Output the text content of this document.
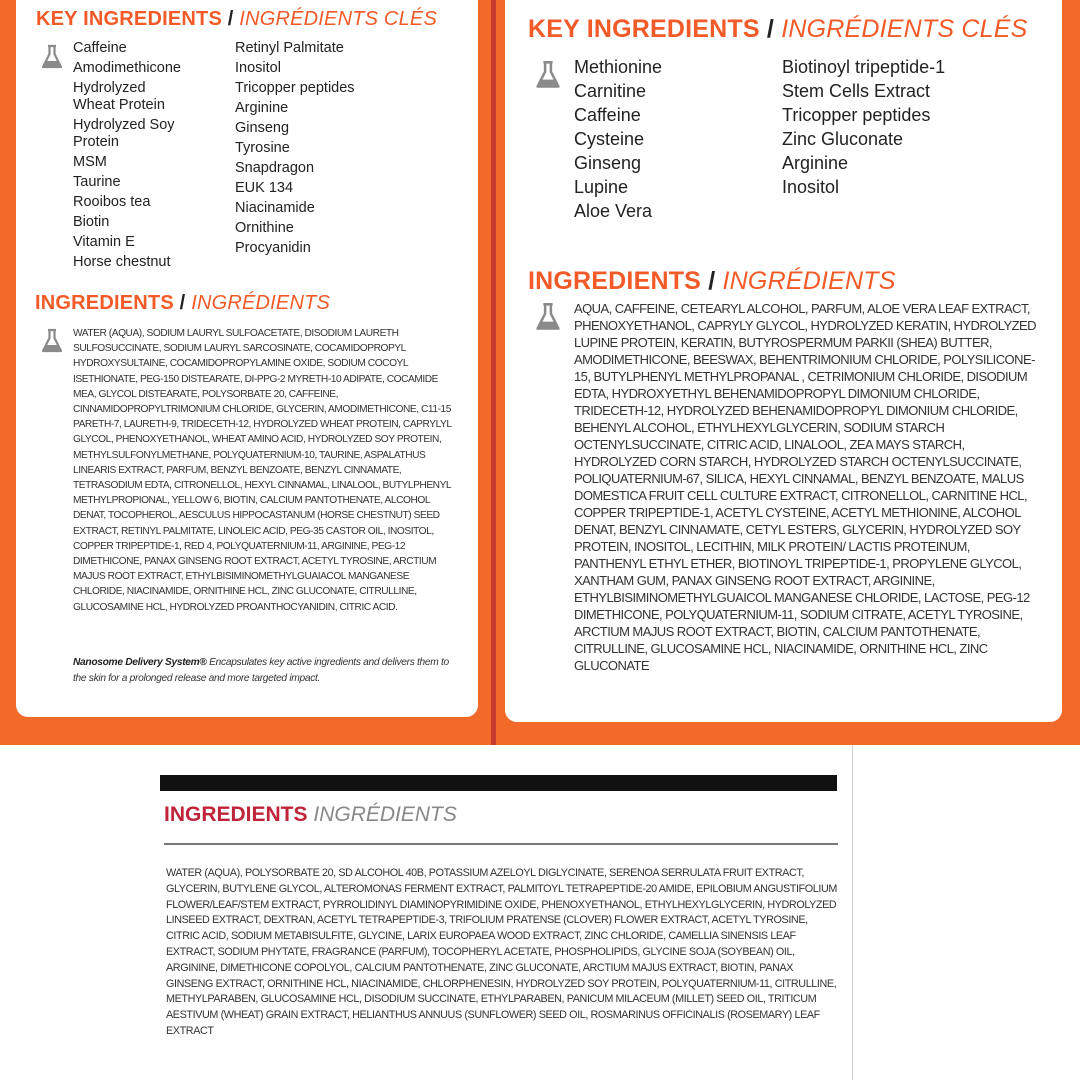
KEY INGREDIENTS / INGRÉDIENTS CLÉS
Caffeine
Amodimethicone
Hydrolyzed
Wheat Protein
Hydrolyzed Soy
Protein
MSM
Taurine
Rooibos tea
Biotin
Vitamin E
Horse chestnut
Retinyl Palmitate
Inositol
Tricopper peptides
Arginine
Ginseng
Tyrosine
Snapdragon
EUK 134
Niacinamide
Ornithine
Procyanidin
INGREDIENTS / INGRÉDIENTS
WATER (AQUA), SODIUM LAURYL SULFOACETATE, DISODIUM LAURETH SULFOSUCCINATE, SODIUM LAURYL SARCOSINATE, COCAMIDOPROPYL HYDROXYSULTAINE, COCAMIDOPROPYLAMINE OXIDE, SODIUM COCOYL ISETHIONATE, PEG-150 DISTEARATE, DI-PPG-2 MYRETH-10 ADIPATE, COCAMIDE MEA, GLYCOL DISTEARATE, POLYSORBATE 20, CAFFEINE, CINNAMIDOPROPYLTRIMONIUM CHLORIDE, GLYCERIN, AMODIMETHICONE, C11-15 PARETH-7, LAURETH-9, TRIDECETH-12, HYDROLYZED WHEAT PROTEIN, CAPRYLYL GLYCOL, PHENOXYETHANOL, WHEAT AMINO ACID, HYDROLYZED SOY PROTEIN, METHYLSULFONYLMETHANE, POLYQUATERNIUM-10, TAURINE, ASPALATHUS LINEARIS EXTRACT, PARFUM, BENZYL BENZOATE, BENZYL CINNAMATE, TETRASODIUM EDTA, CITRONELLOL, HEXYL CINNAMAL, LINALOOL, BUTYLPHENYL METHYLPROPIONAL, YELLOW 6, BIOTIN, CALCIUM PANTOTHENATE, ALCOHOL DENAT, TOCOPHEROL, AESCULUS HIPPOCASTANUM (HORSE CHESTNUT) SEED EXTRACT, RETINYL PALMITATE, LINOLEIC ACID, PEG-35 CASTOR OIL, INOSITOL, COPPER TRIPEPTIDE-1, RED 4, POLYQUATERNIUM-11, ARGININE, PEG-12 DIMETHICONE, PANAX GINSENG ROOT EXTRACT, ACETYL TYROSINE, ARCTIUM MAJUS ROOT EXTRACT, ETHYLBISIMINOMETHYLGUAIACOL MANGANESE CHLORIDE, NIACINAMIDE, ORNITHINE HCL, ZINC GLUCONATE, CITRULLINE, GLUCOSAMINE HCL, HYDROLYZED PROANTHOCYANIDIN, CITRIC ACID.
Nanosome Delivery System® Encapsulates key active ingredients and delivers them to the skin for a prolonged release and more targeted impact.
KEY INGREDIENTS / INGRÉDIENTS CLÉS
Methionine
Carnitine
Caffeine
Cysteine
Ginseng
Lupine
Aloe Vera
Biotinoyl tripeptide-1
Stem Cells Extract
Tricopper peptides
Zinc Gluconate
Arginine
Inositol
INGREDIENTS / INGRÉDIENTS
AQUA, CAFFEINE, CETEARYL ALCOHOL, PARFUM, ALOE VERA LEAF EXTRACT, PHENOXYETHANOL, CAPRYLY GLYCOL, HYDROLYZED KERATIN, HYDROLYZED LUPINE PROTEIN, KERATIN, BUTYROSPERMUM PARKII (SHEA) BUTTER, AMODIMETHICONE, BEESWAX, BEHENTRIMONIUM CHLORIDE, POLYSILICONE-15, BUTYLPHENYL METHYLPROPANAL , CETRIMONIUM CHLORIDE, DISODIUM EDTA, HYDROXYETHYL BEHENAMIDOPROPYL DIMONIUM CHLORIDE, TRIDECETH-12, HYDROLYZED BEHENAMIDOPROPYL DIMONIUM CHLORIDE, BEHENYL ALCOHOL, ETHYLHEXYLGLYCERIN, SODIUM STARCH OCTENYLSUCCINATE, CITRIC ACID, LINALOOL, ZEA MAYS STARCH, HYDROLYZED CORN STARCH, HYDROLYZED STARCH OCTENYLSUCCINATE, POLIQUATERNIUM-67, SILICA, HEXYL CINNAMAL, BENZYL BENZOATE, MALUS DOMESTICA FRUIT CELL CULTURE EXTRACT, CITRONELLOL, CARNITINE HCL, COPPER TRIPEPTIDE-1, ACETYL CYSTEINE, ACETYL METHIONINE, ALCOHOL DENAT, BENZYL CINNAMATE, CETYL ESTERS, GLYCERIN, HYDROLYZED SOY PROTEIN, INOSITOL, LECITHIN, MILK PROTEIN/ LACTIS PROTEINUM, PANTHENYL ETHYL ETHER, BIOTINOYL TRIPEPTIDE-1, PROPYLENE GLYCOL, XANTHAM GUM, PANAX GINSENG ROOT EXTRACT, ARGININE, ETHYLBISIMINOMETHYLGUAICOL MANGANESE CHLORIDE, LACTOSE, PEG-12 DIMETHICONE, POLYQUATERNIUM-11, SODIUM CITRATE, ACETYL TYROSINE, ARCTIUM MAJUS ROOT EXTRACT, BIOTIN, CALCIUM PANTOTHENATE, CITRULLINE, GLUCOSAMINE HCL, NIACINAMIDE, ORNITHINE HCL, ZINC GLUCONATE
INGREDIENTS INGRÉDIENTS
WATER (AQUA), POLYSORBATE 20, SD ALCOHOL 40B, POTASSIUM AZELOYL DIGLYCINATE, SERENOA SERRULATA FRUIT EXTRACT, GLYCERIN, BUTYLENE GLYCOL, ALTEROMONAS FERMENT EXTRACT, PALMITOYL TETRAPEPTIDE-20 AMIDE, EPILOBIUM ANGUSTIFOLIUM FLOWER/LEAF/STEM EXTRACT, PYRROLIDINYL DIAMINOPYRIMIDINE OXIDE, PHENOXYETHANOL, ETHYLHEXYLGLYCERIN, HYDROLYZED LINSEED EXTRACT, DEXTRAN, ACETYL TETRAPEPTIDE-3, TRIFOLIUM PRATENSE (CLOVER) FLOWER EXTRACT, ACETYL TYROSINE, CITRIC ACID, SODIUM METABISULFITE, GLYCINE, LARIX EUROPAEA WOOD EXTRACT, ZINC CHLORIDE, CAMELLIA SINENSIS LEAF EXTRACT, SODIUM PHYTATE, FRAGRANCE (PARFUM), TOCOPHERYL ACETATE, PHOSPHOLIPIDS, GLYCINE SOJA (SOYBEAN) OIL, ARGININE, DIMETHICONE COPOLYOL, CALCIUM PANTOTHENATE, ZINC GLUCONATE, ARCTIUM MAJUS EXTRACT, BIOTIN, PANAX GINSENG EXTRACT, ORNITHINE HCL, NIACINAMIDE, CHLORPHENESIN, HYDROLYZED SOY PROTEIN, POLYQUATERNIUM-11, CITRULLINE, METHYLPARABEN, GLUCOSAMINE HCL, DISODIUM SUCCINATE, ETHYLPARABEN, PANICUM MILACEUM (MILLET) SEED OIL, TRITICUM AESTIVUM (WHEAT) GRAIN EXTRACT, HELIANTHUS ANNUUS (SUNFLOWER) SEED OIL, ROSMARINUS OFFICINALIS (ROSEMARY) LEAF EXTRACT
